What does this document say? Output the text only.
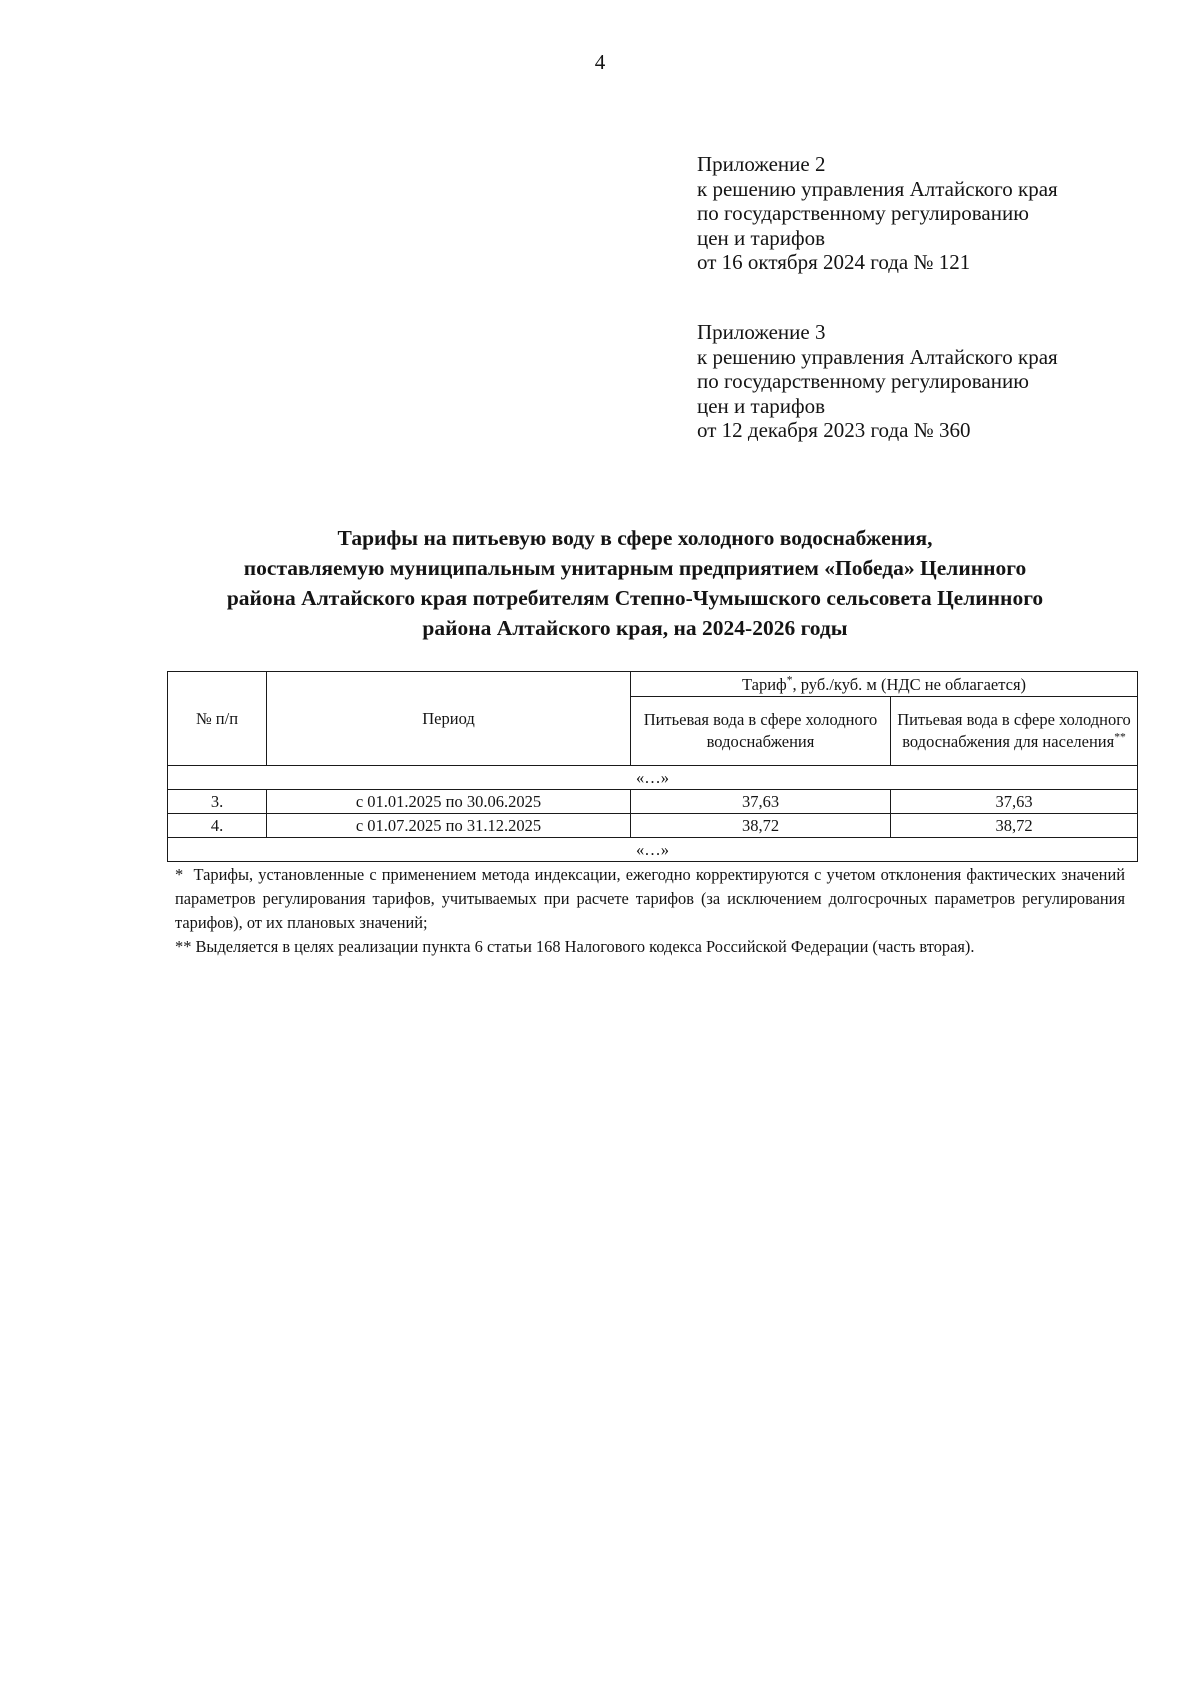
4
Приложение 2
к решению управления Алтайского края
по государственному регулированию
цен и тарифов
от 16 октября 2024 года № 121
Приложение 3
к решению управления Алтайского края
по государственному регулированию
цен и тарифов
от 12 декабря 2023 года № 360
Тарифы на питьевую воду в сфере холодного водоснабжения,
поставляемую муниципальным унитарным предприятием «Победа» Целинного
района Алтайского края потребителям Степно-Чумышского сельсовета Целинного
района Алтайского края, на 2024-2026 годы
№ п/п	Период	Тариф*, руб./куб. м (НДС не облагается)	
		Питьевая вода в сфере холодного водоснабжения	Питьевая вода в сфере холодного водоснабжения для населения**
«…»			
3.	с 01.01.2025 по 30.06.2025	37,63	37,63
4.	с 01.07.2025 по 31.12.2025	38,72	38,72
«…»			

* Тарифы, установленные с применением метода индексации, ежегодно корректируются с учетом отклонения фактических значений параметров регулирования тарифов, учитываемых при расчете тарифов (за исключением долгосрочных параметров регулирования тарифов), от их плановых значений;

** Выделяется в целях реализации пункта 6 статьи 168 Налогового кодекса Российской Федерации (часть вторая).
